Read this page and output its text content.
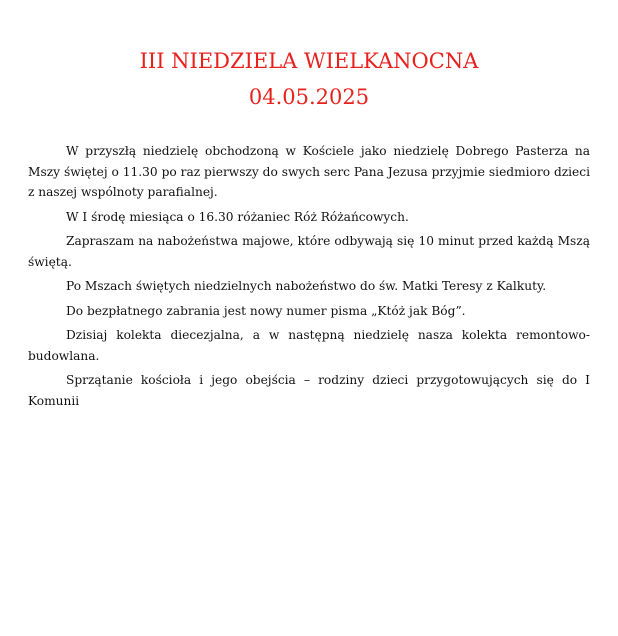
III NIEDZIELA WIELKANOCNA
04.05.2025

W przyszłą niedzielę obchodzoną w Kościele jako niedzielę Dobrego Pasterza na Mszy świętej o 11.30 po raz pierwszy do swych serc Pana Jezusa przyjmie siedmioro dzieci z naszej wspólnoty parafialnej.

W I środę miesiąca o 16.30 różaniec Róż Różańcowych.

Zapraszam na nabożeństwa majowe, które odbywają się 10 minut przed każdą Mszą świętą.

Po Mszach świętych niedzielnych nabożeństwo do św. Matki Teresy z Kalkuty.

Do bezpłatnego zabrania jest nowy numer pisma „Któż jak Bóg”.

Dzisiaj kolekta diecezjalna, a w następną niedzielę nasza kolekta remontowo-budowlana.

Sprzątanie kościoła i jego obejścia – rodziny dzieci przygotowujących się do I Komunii
